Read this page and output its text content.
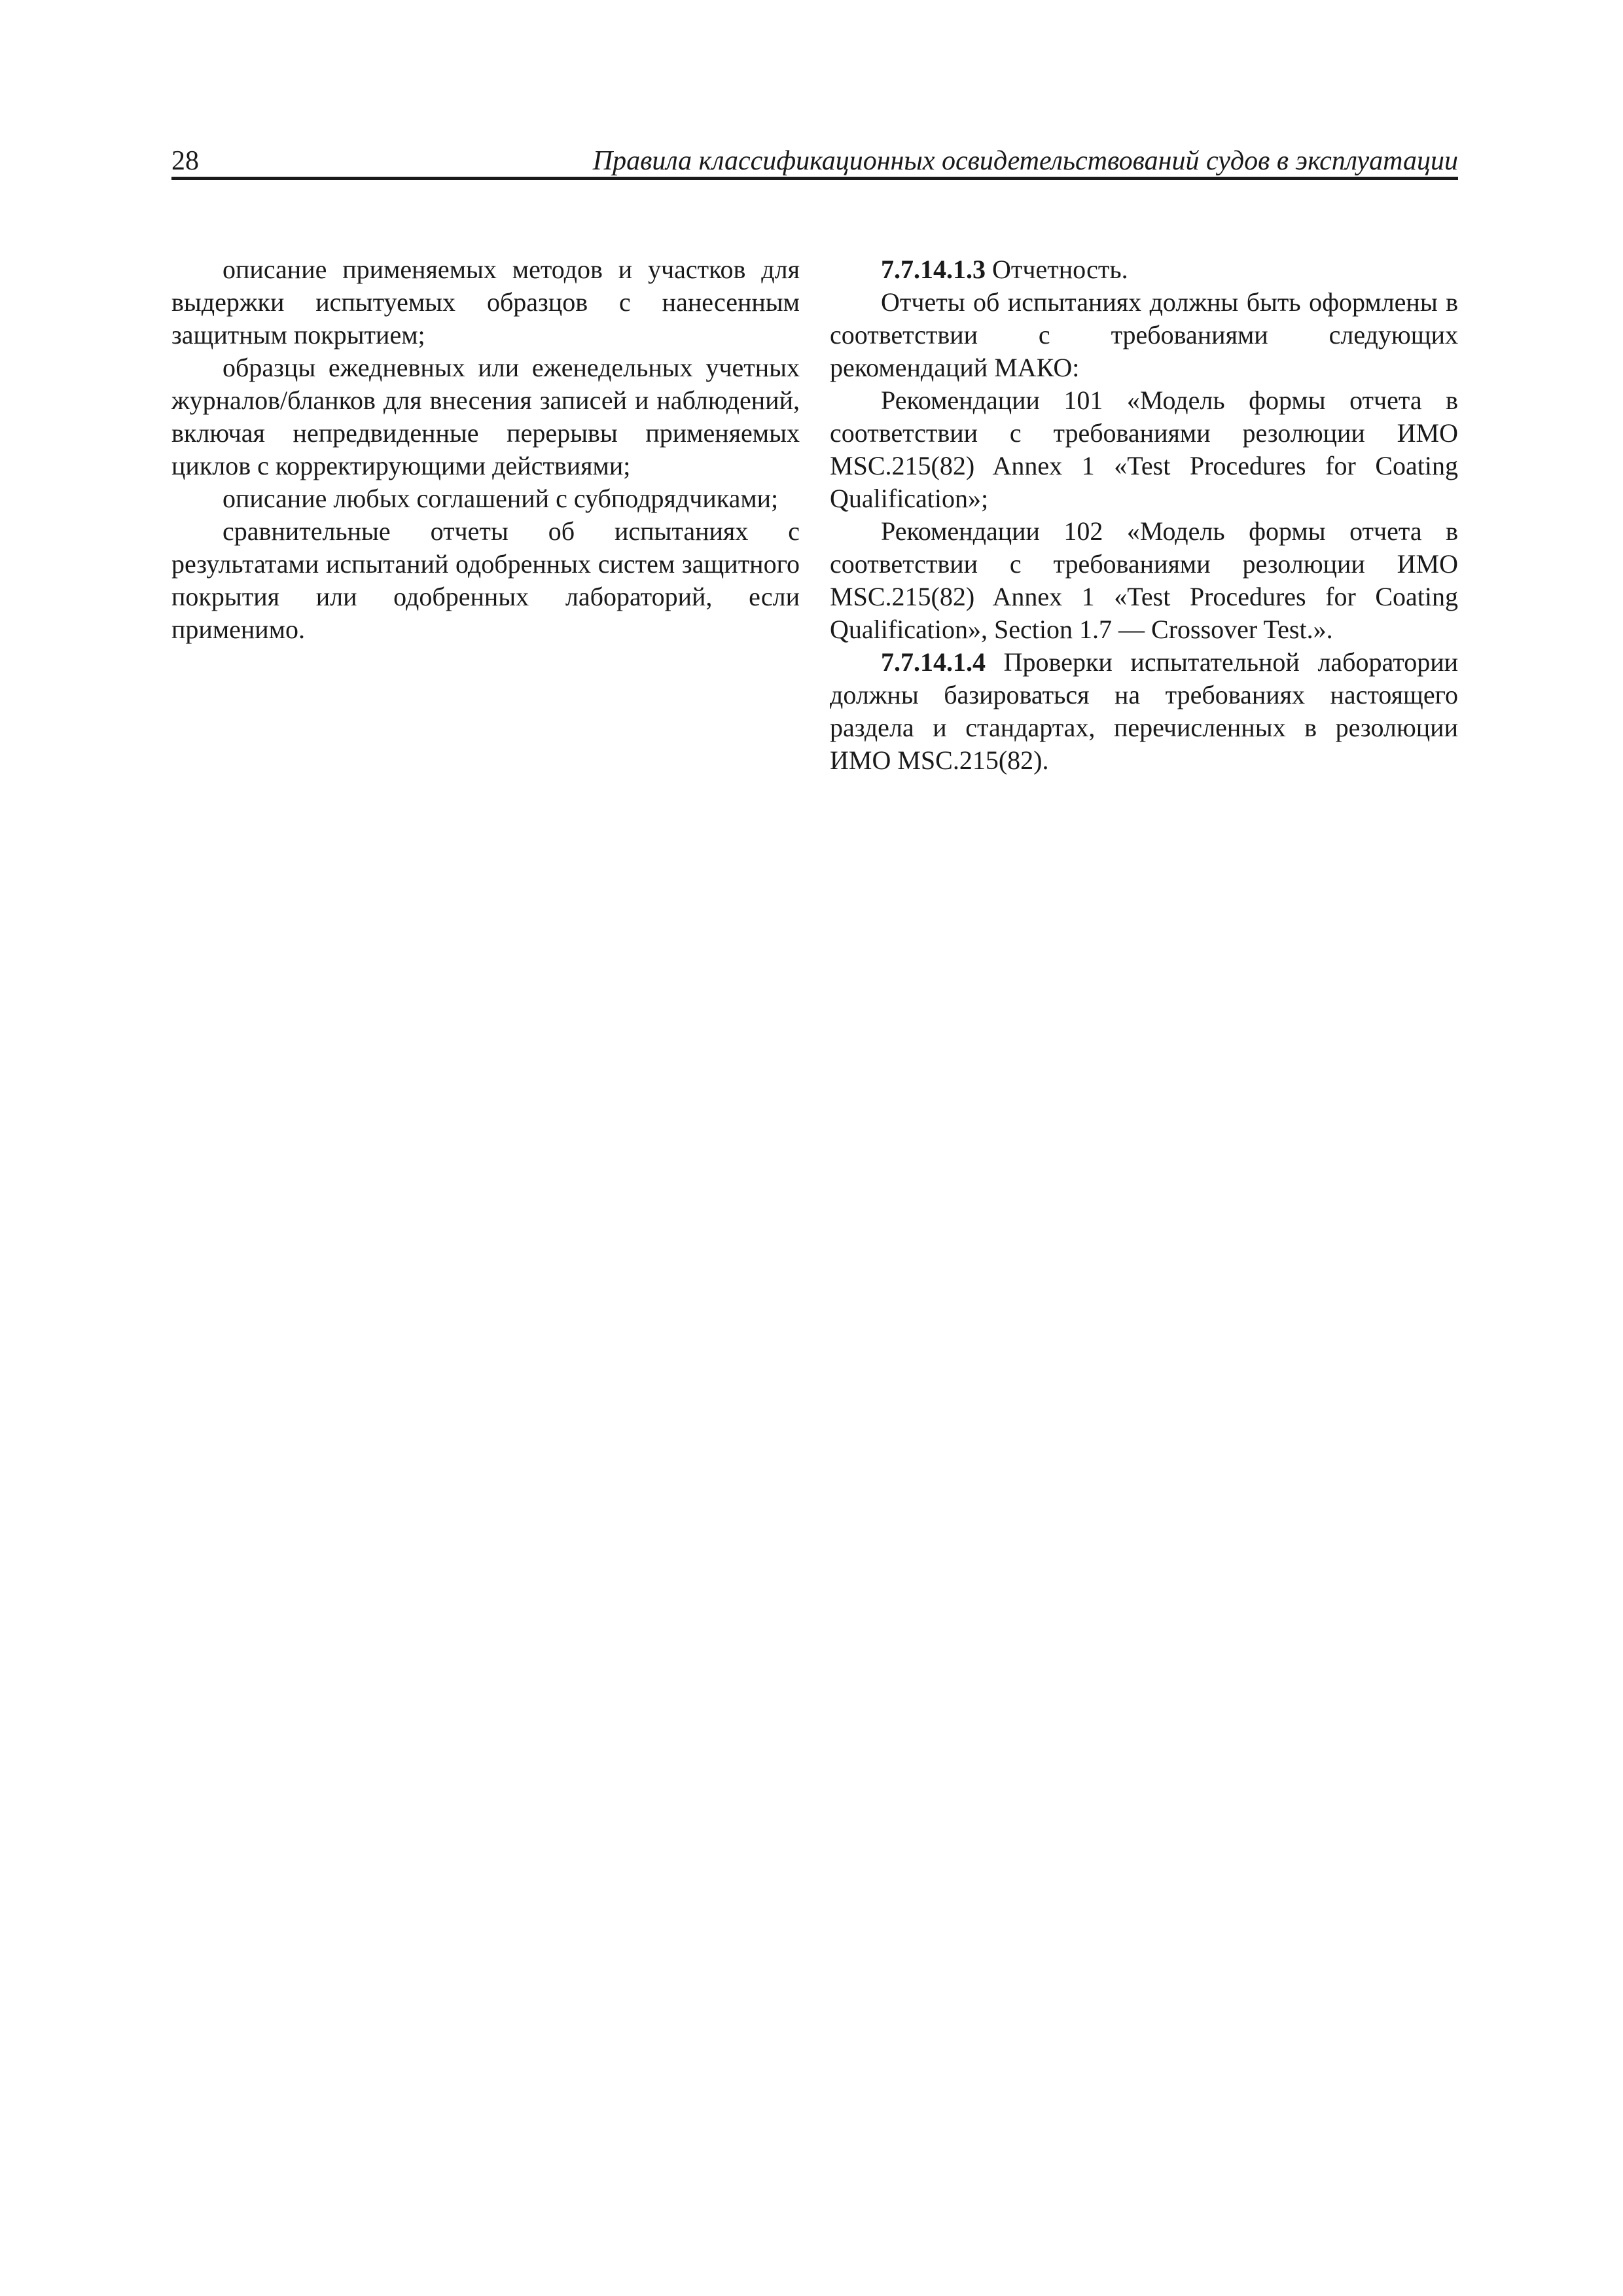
28	Правила классификационных освидетельствований судов в эксплуатации

описание применяемых методов и участков для выдержки испытуемых образцов с нанесенным защитным покрытием;

образцы ежедневных или еженедельных учетных журналов/бланков для внесения записей и наблюдений, включая непредвиденные перерывы применяемых циклов с корректирующими действиями;

описание любых соглашений с субподрядчиками;

сравнительные отчеты об испытаниях с результатами испытаний одобренных систем защитного покрытия или одобренных лабораторий, если применимо.

7.7.14.1.3 Отчетность.

Отчеты об испытаниях должны быть оформлены в соответствии с требованиями следующих рекомендаций МАКО:

Рекомендации 101 «Модель формы отчета в соответствии с требованиями резолюции ИМО MSC.215(82) Annex 1 «Test Procedures for Coating Qualification»;

Рекомендации 102 «Модель формы отчета в соответствии с требованиями резолюции ИМО MSC.215(82) Annex 1 «Test Procedures for Coating Qualification», Section 1.7 — Crossover Test.».

7.7.14.1.4 Проверки испытательной лаборатории должны базироваться на требованиях настоящего раздела и стандартах, перечисленных в резолюции ИМО MSC.215(82).
